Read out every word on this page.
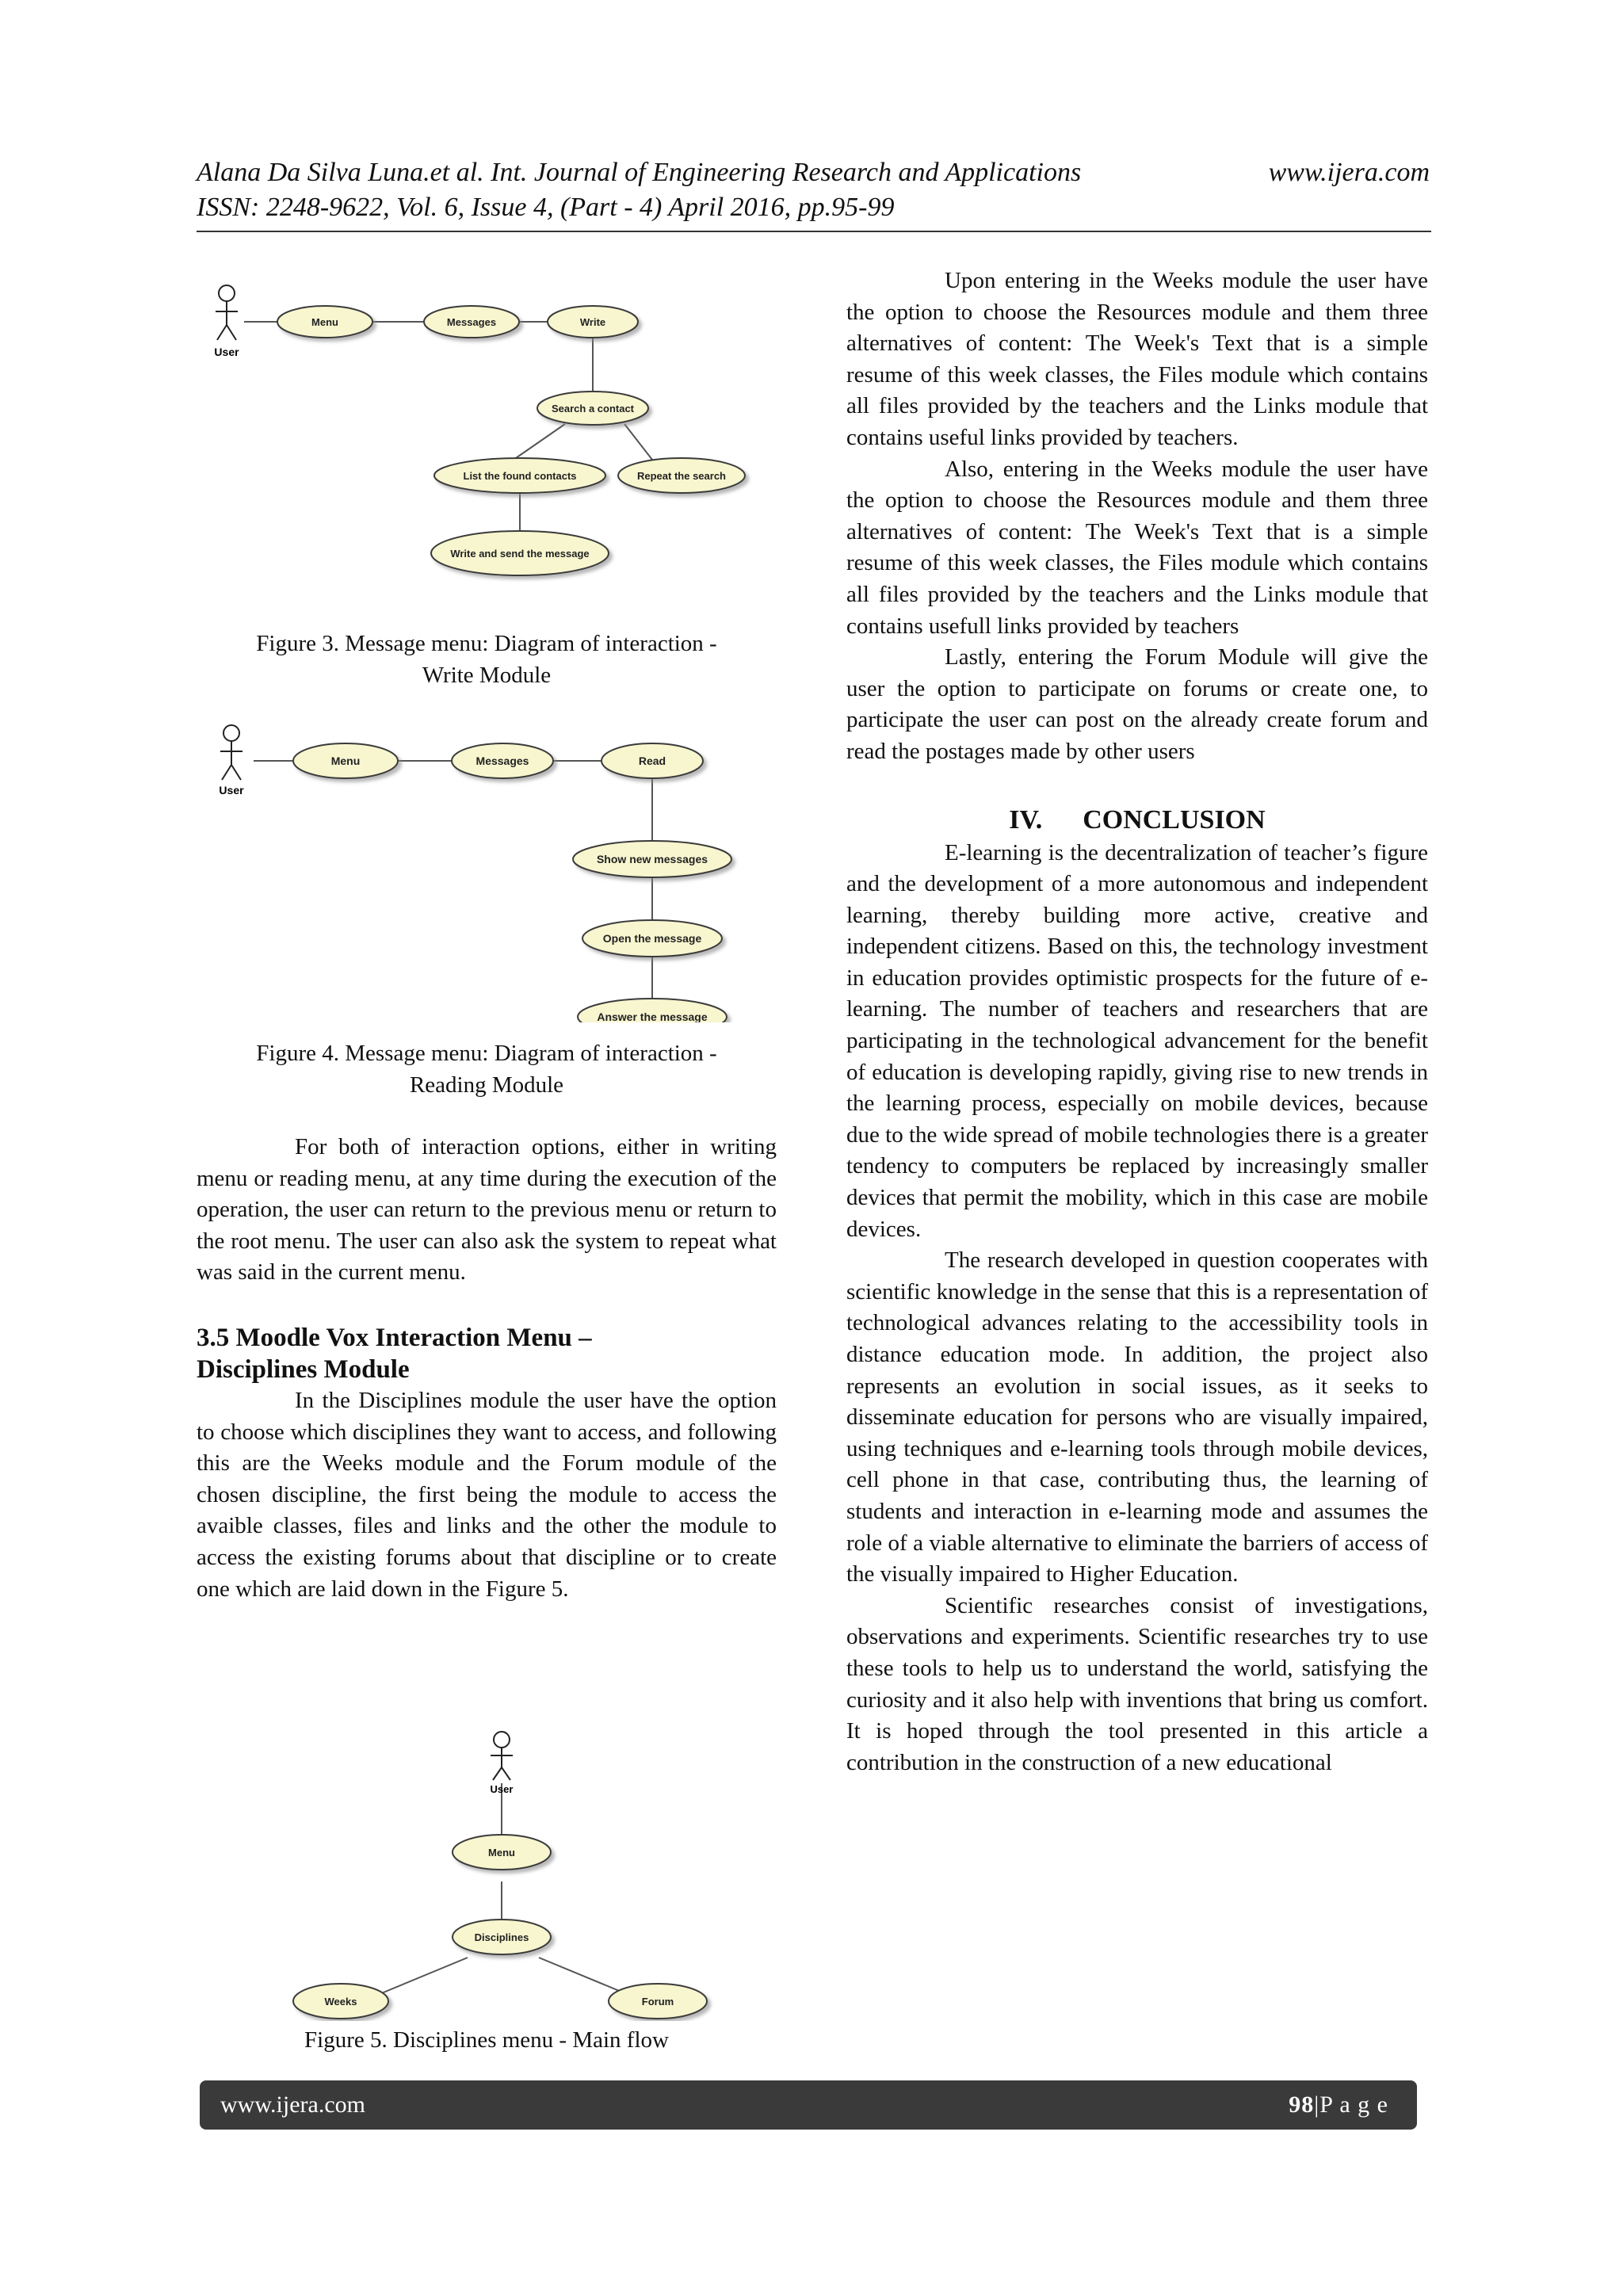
Alana Da Silva Luna.et al. Int. Journal of Engineering Research and Applications	www.ijera.com
ISSN: 2248-9622, Vol. 6, Issue 4, (Part - 4) April 2016, pp.95-99
User
Menu	Messages	Write
Search a contact
List the found contacts	Repeat the search
Write and send the message

Figure 3. Message menu: Diagram of interaction -

Write Module

User
Menu	Messages	Read
Show new messages
Open the message
Answer the message

Figure 4. Message menu: Diagram of interaction -

Reading Module

For both of interaction options, either in writing menu or reading menu, at any time during the execution of the operation, the user can return to the previous menu or return to the root menu. The user can also ask the system to repeat what was said in the current menu.

3.5 Moodle Vox Interaction Menu –

Disciplines Module

In the Disciplines module the user have the option to choose which disciplines they want to access, and following this are the Weeks module and the Forum module of the chosen discipline, the first being the module to access the avaible classes, files and links and the other the module to access the existing forums about that discipline or to create one which are laid down in the Figure 5.

User
Menu
Disciplines
Weeks	Forum

Figure 5. Disciplines menu - Main flow

Upon entering in the Weeks module the user have the option to choose the Resources module and them three alternatives of content: The Week's Text that is a simple resume of this week classes, the Files module which contains all files provided by the teachers and the Links module that contains useful links provided by teachers.

Also, entering in the Weeks module the user have the option to choose the Resources module and them three alternatives of content: The Week's Text that is a simple resume of this week classes, the Files module which contains all files provided by the teachers and the Links module that contains usefull links provided by teachers

Lastly, entering the Forum Module will give the user the option to participate on forums or create one, to participate the user can post on the already create forum and read the postages made by other users

IV.      CONCLUSION

E-learning is the decentralization of teacher’s figure and the development of a more autonomous and independent learning, thereby building more active, creative and independent citizens. Based on this, the technology investment in education provides optimistic prospects for the future of e-learning. The number of teachers and researchers that are participating in the technological advancement for the benefit of education is developing rapidly, giving rise to new trends in the learning process, especially on mobile devices, because due to the wide spread of mobile technologies there is a greater tendency to computers be replaced by increasingly smaller devices that permit the mobility, which in this case are mobile devices.

The research developed in question cooperates with scientific knowledge in the sense that this is a representation of technological advances relating to the accessibility tools in distance education mode. In addition, the project also represents an evolution in social issues, as it seeks to disseminate education for persons who are visually impaired, using techniques and e-learning tools through mobile devices, cell phone in that case, contributing thus, the learning of students and interaction in e-learning mode and assumes the role of a viable alternative to eliminate the barriers of access of the visually impaired to Higher Education.

Scientific researches consist of investigations, observations and experiments. Scientific researches try to use these tools to help us to understand the world, satisfying the curiosity and it also help with inventions that bring us comfort. It is hoped through the tool presented in this article a contribution in the construction of a new educational

www.ijera.com	98|P a g e
